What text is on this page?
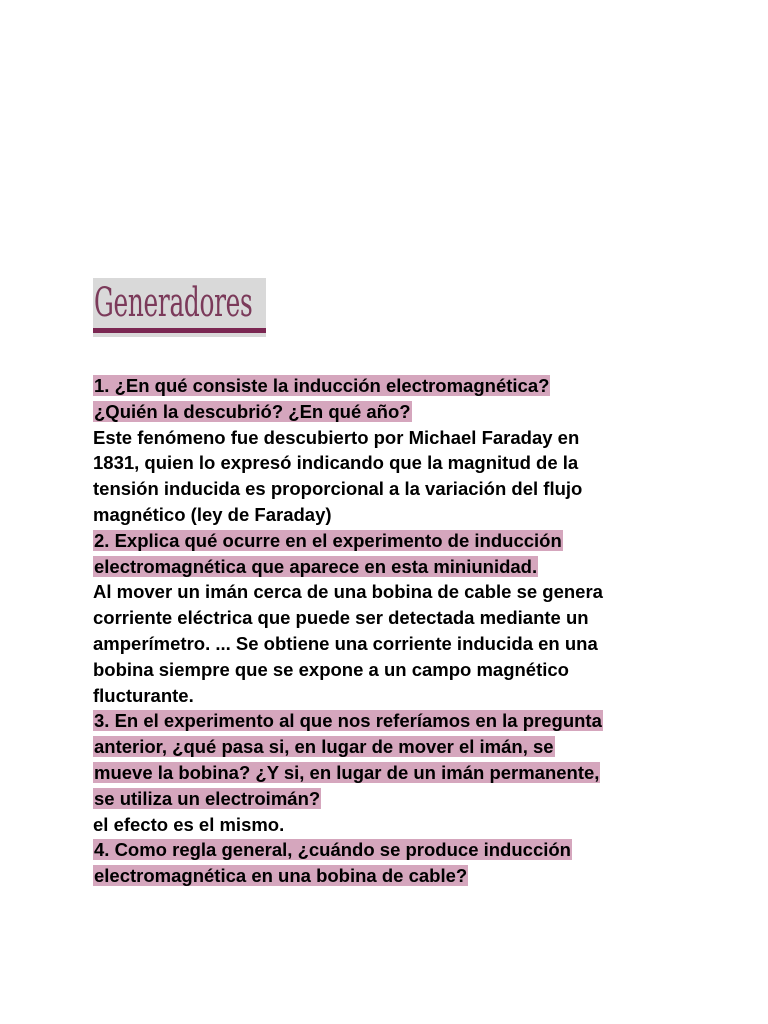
Generadores
1. ¿En qué consiste la inducción electromagnética?
¿Quién la descubrió? ¿En qué año?
Este fenómeno fue descubierto por Michael Faraday en
1831, quien lo expresó indicando que la magnitud de la
tensión inducida es proporcional a la variación del flujo
magnético (ley de Faraday)
2. Explica qué ocurre en el experimento de inducción
electromagnética que aparece en esta miniunidad.
Al mover un imán cerca de una bobina de cable se genera
corriente eléctrica que puede ser detectada mediante un
amperímetro. ... Se obtiene una corriente inducida en una
bobina siempre que se expone a un campo magnético
flucturante.
3. En el experimento al que nos referíamos en la pregunta
anterior, ¿qué pasa si, en lugar de mover el imán, se
mueve la bobina? ¿Y si, en lugar de un imán permanente,
se utiliza un electroimán?
el efecto es el mismo.
4. Como regla general, ¿cuándo se produce inducción
electromagnética en una bobina de cable?
